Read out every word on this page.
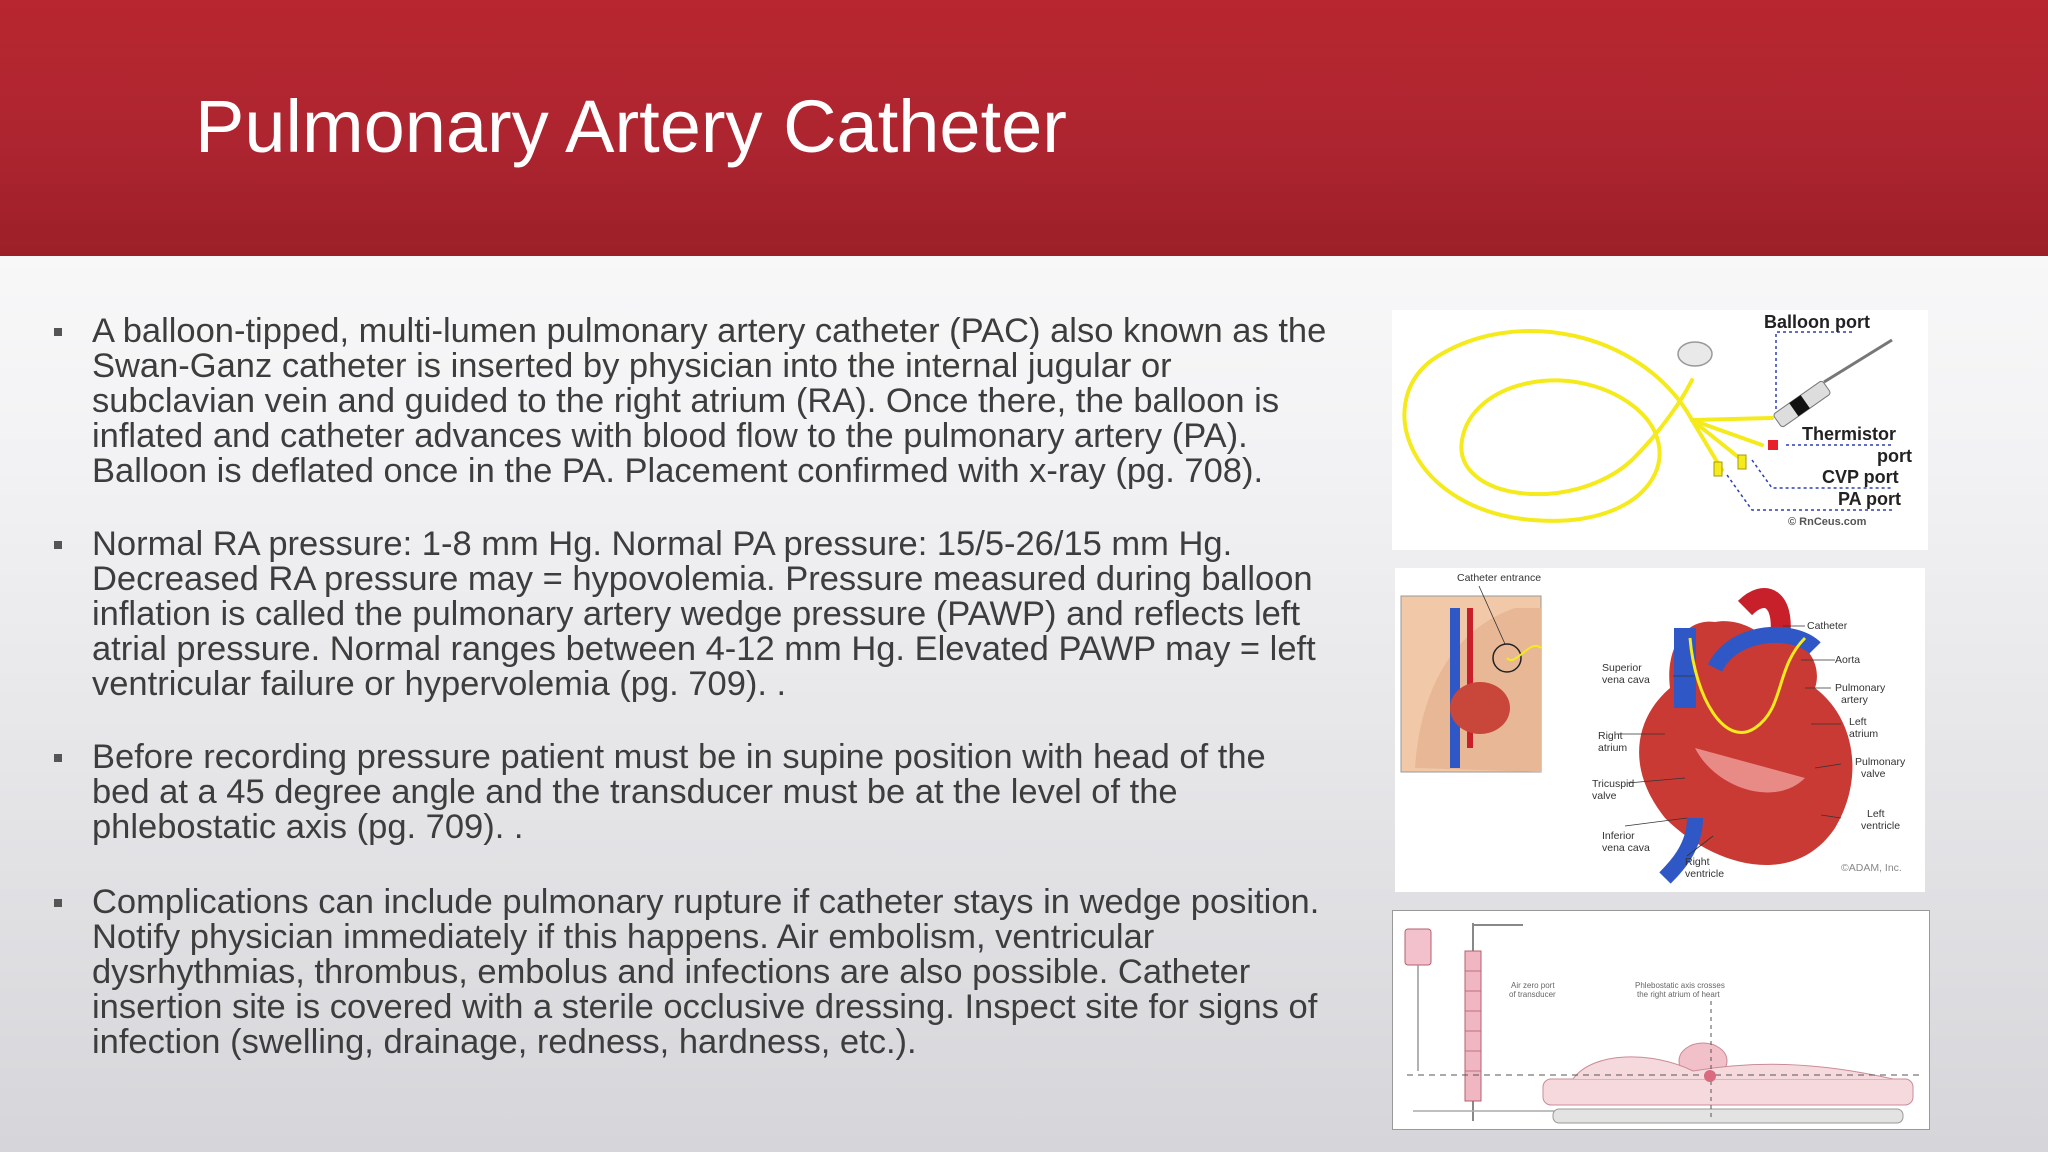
Pulmonary Artery Catheter
A balloon-tipped, multi-lumen pulmonary artery catheter (PAC) also known as the Swan-Ganz catheter is inserted by physician into the internal jugular or subclavian vein and guided to the right atrium (RA). Once there, the balloon is inflated and catheter advances with blood flow to the pulmonary artery (PA). Balloon is deflated once in the PA. Placement confirmed with x-ray (pg. 708).
Normal RA pressure: 1-8 mm Hg. Normal PA pressure: 15/5-26/15 mm Hg. Decreased RA pressure may = hypovolemia. Pressure measured during balloon inflation is called the pulmonary artery wedge pressure (PAWP) and reflects left atrial pressure. Normal ranges between 4-12 mm Hg. Elevated PAWP may = left ventricular failure or hypervolemia (pg. 709). .
Before recording pressure patient must be in supine position with head of the bed at a 45 degree angle and the transducer must be at the level of the phlebostatic axis (pg. 709). .
Complications can include pulmonary rupture if catheter stays in wedge position. Notify physician immediately if this happens. Air embolism, ventricular dysrhythmias, thrombus, embolus and infections are also possible. Catheter insertion site is covered with a sterile occlusive dressing. Inspect site for signs of infection (swelling, drainage, redness, hardness, etc.).
Balloon port
Thermistor
port
CVP port
PA port
© RnCeus.com
Catheter entrance
Superior
vena cava
Right
atrium
Tricuspid
valve
Inferior
vena cava
Right
ventricle
Catheter
Aorta
Pulmonary
artery
Left
atrium
Pulmonary
valve
Left
ventricle
©ADAM, Inc.
Air zero port
of transducer
Phlebostatic axis crosses
the right atrium of heart
